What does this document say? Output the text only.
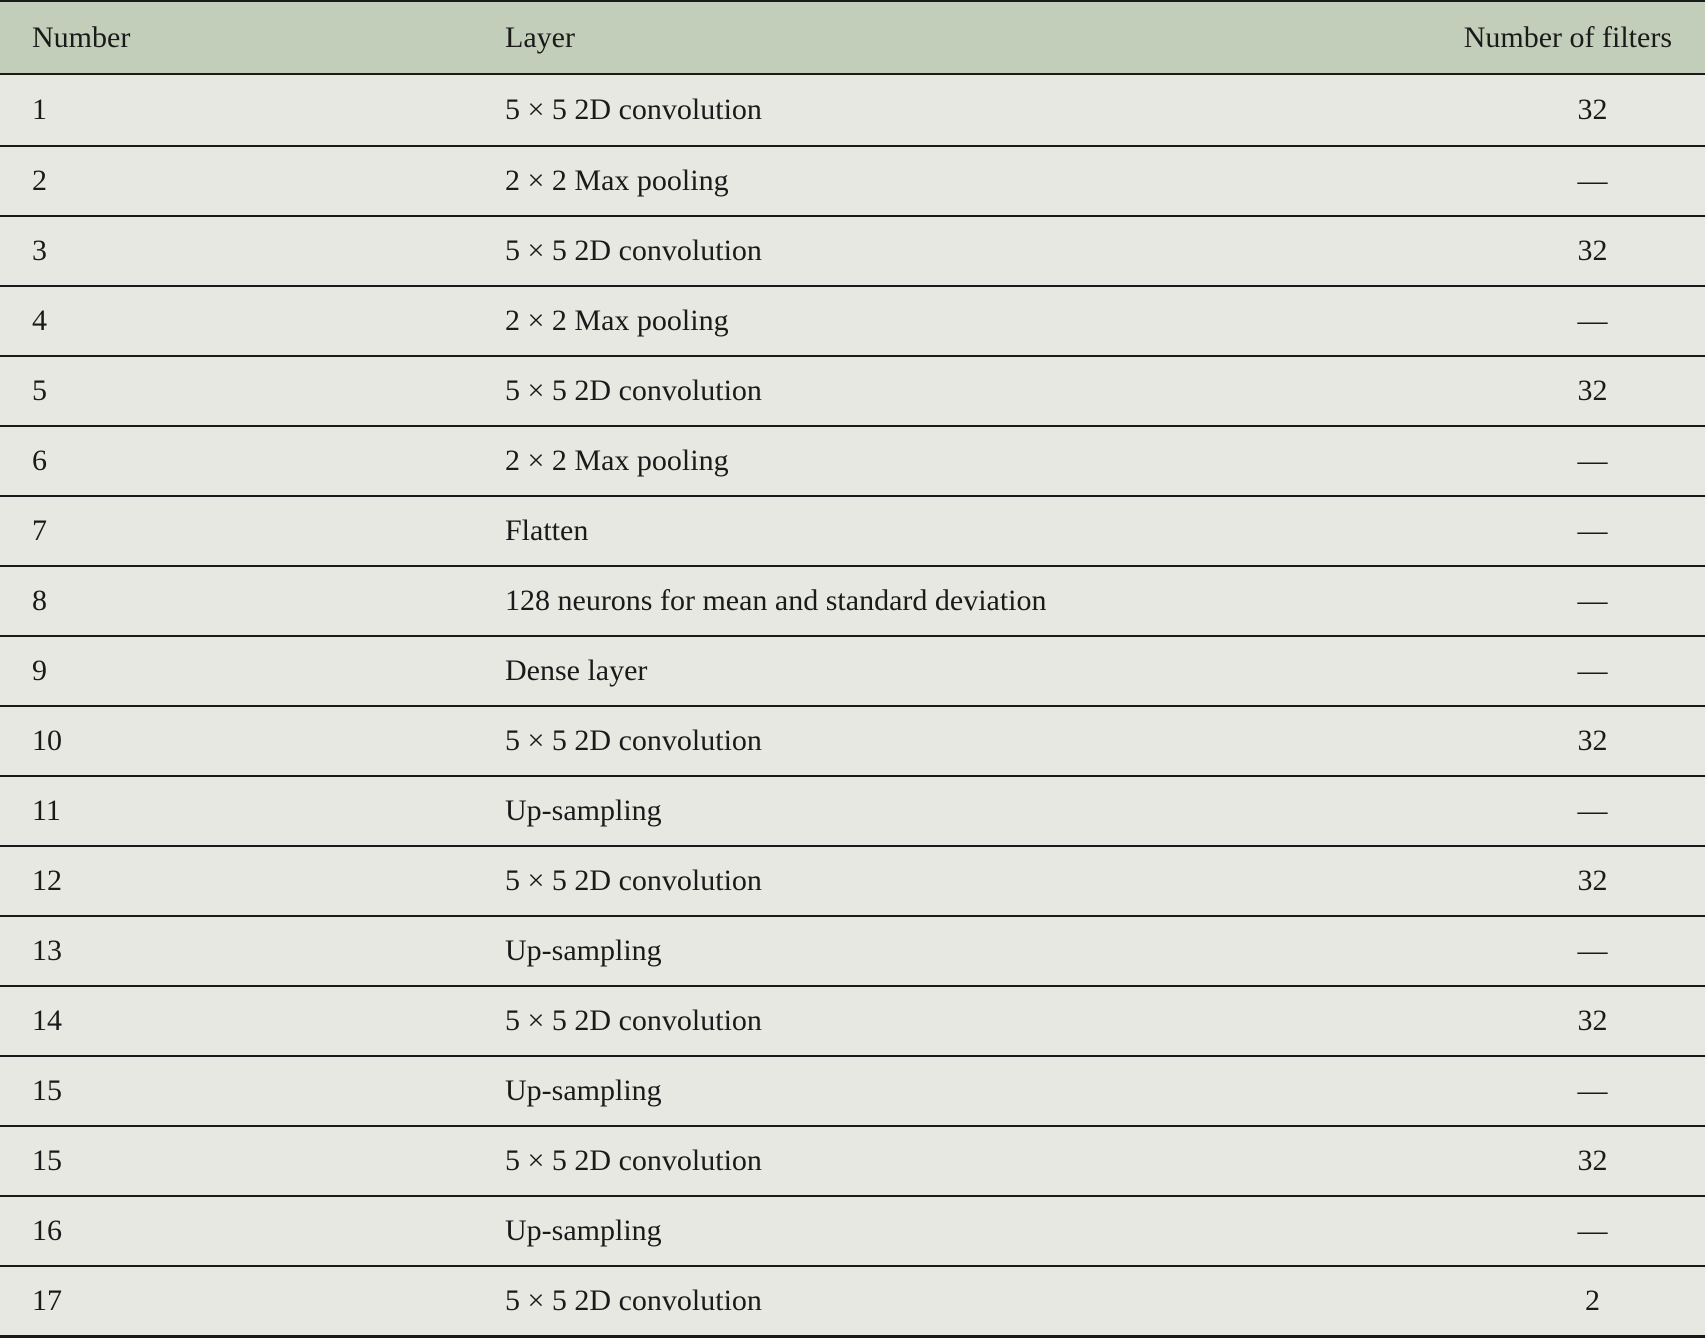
Number	Layer	Number of filters
1	5 × 5 2D convolution	32
2	2 × 2 Max pooling	—
3	5 × 5 2D convolution	32
4	2 × 2 Max pooling	—
5	5 × 5 2D convolution	32
6	2 × 2 Max pooling	—
7	Flatten	—
8	128 neurons for mean and standard deviation	—
9	Dense layer	—
10	5 × 5 2D convolution	32
11	Up-sampling	—
12	5 × 5 2D convolution	32
13	Up-sampling	—
14	5 × 5 2D convolution	32
15	Up-sampling	—
15	5 × 5 2D convolution	32
16	Up-sampling	—
17	5 × 5 2D convolution	2
